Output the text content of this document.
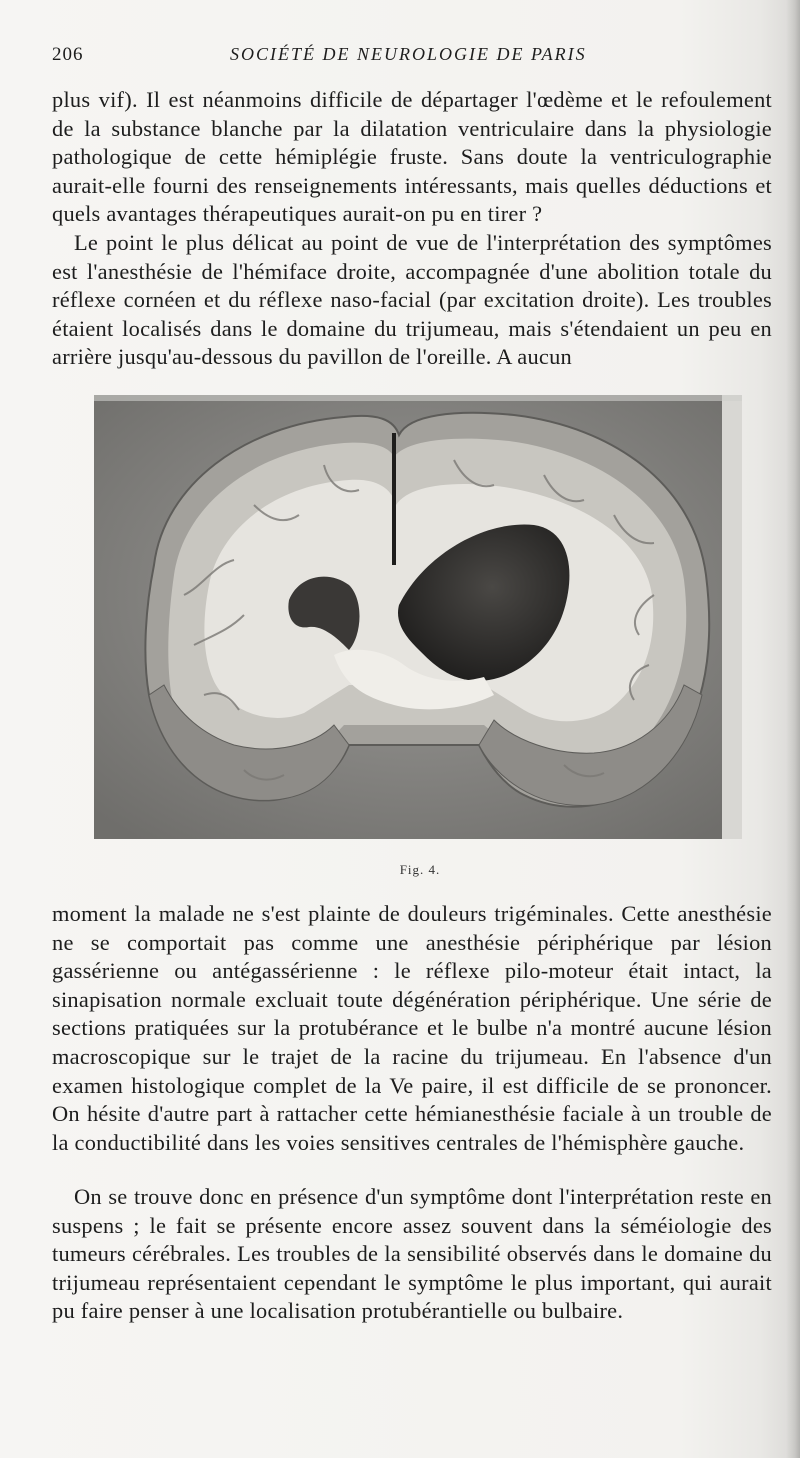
206	SOCIÉTÉ DE NEUROLOGIE DE PARIS

plus vif). Il est néanmoins difficile de départager l'œdème et le refoulement de la substance blanche par la dilatation ventriculaire dans la physiologie pathologique de cette hémiplégie fruste. Sans doute la ventriculographie aurait-elle fourni des renseignements intéressants, mais quelles déductions et quels avantages thérapeutiques aurait-on pu en tirer ?

Le point le plus délicat au point de vue de l'interprétation des symptômes est l'anesthésie de l'hémiface droite, accompagnée d'une abolition totale du réflexe cornéen et du réflexe naso-facial (par excitation droite). Les troubles étaient localisés dans le domaine du trijumeau, mais s'étendaient un peu en arrière jusqu'au-dessous du pavillon de l'oreille. A aucun

Fig. 4.

moment la malade ne s'est plainte de douleurs trigéminales. Cette anesthésie ne se comportait pas comme une anesthésie périphérique par lésion gassérienne ou antégassérienne : le réflexe pilo-moteur était intact, la sinapisation normale excluait toute dégénération périphérique. Une série de sections pratiquées sur la protubérance et le bulbe n'a montré aucune lésion macroscopique sur le trajet de la racine du trijumeau. En l'absence d'un examen histologique complet de la Ve paire, il est difficile de se prononcer. On hésite d'autre part à rattacher cette hémianesthésie faciale à un trouble de la conductibilité dans les voies sensitives centrales de l'hémisphère gauche.

On se trouve donc en présence d'un symptôme dont l'interprétation reste en suspens ; le fait se présente encore assez souvent dans la séméiologie des tumeurs cérébrales. Les troubles de la sensibilité observés dans le domaine du trijumeau représentaient cependant le symptôme le plus important, qui aurait pu faire penser à une localisation protubérantielle ou bulbaire.
